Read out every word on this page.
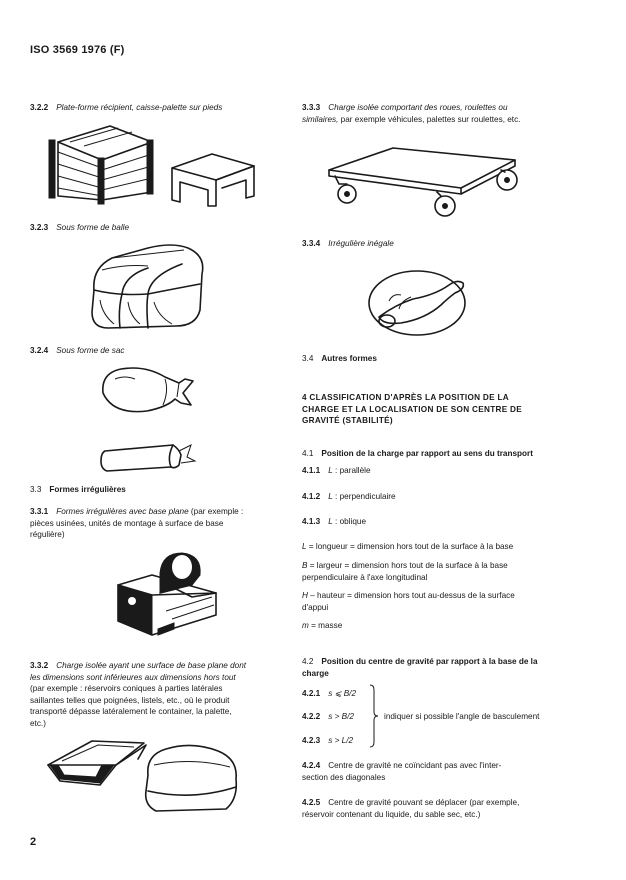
ISO 3569 1976 (F)
3.2.2 Plate-forme récipient, caisse-palette sur pieds
3.2.3 Sous forme de balle
3.2.4 Sous forme de sac
3.3 Formes irrégulières
3.3.1 Formes irrégulières avec base plane (par exemple :
pièces usinées, unités de montage à surface de base
régulière)
3.3.2 Charge isolée ayant une surface de base plane dont
les dimensions sont inférieures aux dimensions hors tout
(par exemple : réservoirs coniques à parties latérales
saillantes telles que poignées, listels, etc., où le produit
transporté dépasse latéralement le container, la palette,
etc.)
2
3.3.3 Charge isolée comportant des roues, roulettes ou
similaires, par exemple véhicules, palettes sur roulettes, etc.
3.3.4 Irrégulière inégale
3.4 Autres formes
4 CLASSIFICATION D'APRÈS LA POSITION DE LA
CHARGE ET LA LOCALISATION DE SON CENTRE DE
GRAVITÉ (STABILITÉ)
4.1 Position de la charge par rapport au sens du transport
4.1.1 L : parallèle
4.1.2 L : perpendiculaire
4.1.3 L : oblique
L = longueur = dimension hors tout de la surface à la base
B = largeur = dimension hors tout de la surface à la base
perpendiculaire à l'axe longitudinal
H – hauteur = dimension hors tout au-dessus de la surface
d'appui
m = masse
4.2 Position du centre de gravité par rapport à la base de la
charge
4.2.1 s ⩽ B/2
4.2.2 s > B/2
4.2.3 s > L/2
indiquer si possible l'angle de basculement
4.2.4 Centre de gravité ne coïncidant pas avec l'inter-
section des diagonales
4.2.5 Centre de gravité pouvant se déplacer (par exemple,
réservoir contenant du liquide, du sable sec, etc.)
